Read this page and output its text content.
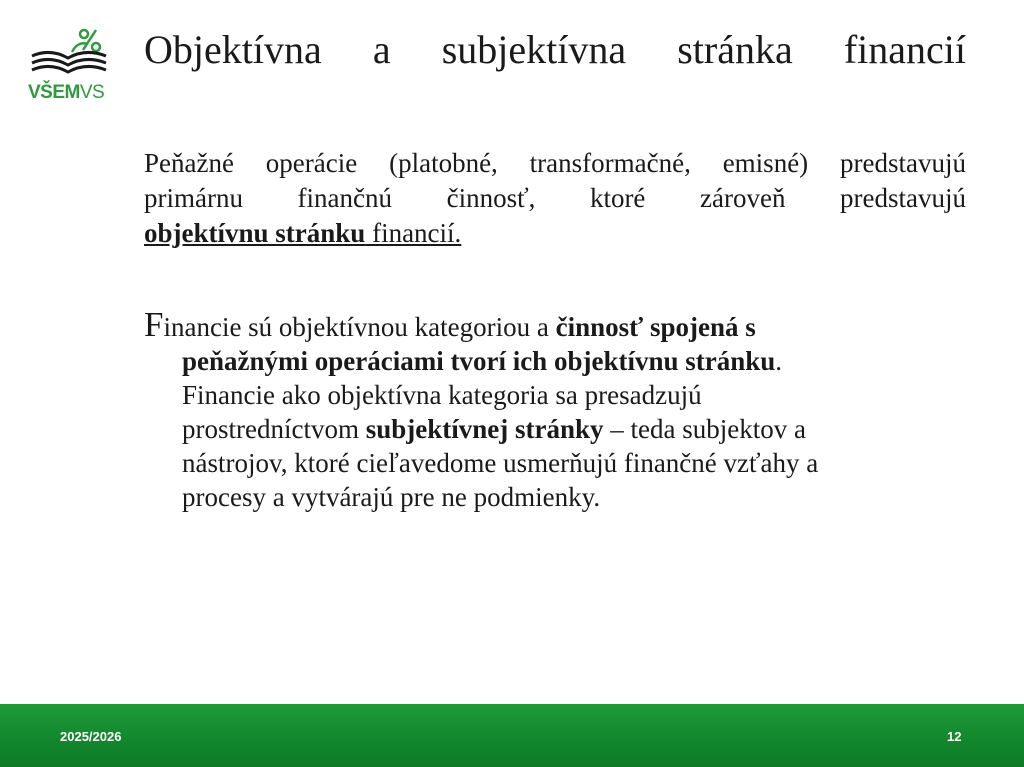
VŠEMVS
Objektívna a subjektívna stránka financií

Peňažné operácie (platobné, transformačné, emisné) predstavujú
primárnu finančnú činnosť, ktoré zároveň predstavujú
objektívnu stránku financií.

Financie sú objektívnou kategoriou a činnosť spojená s
peňažnými operáciami tvorí ich objektívnu stránku.
Financie ako objektívna kategoria sa presadzujú
prostredníctvom subjektívnej stránky – teda subjektov a
nástrojov, ktoré cieľavedome usmerňujú finančné vzťahy a
procesy a vytvárajú pre ne podmienky.

2025/2026	12
